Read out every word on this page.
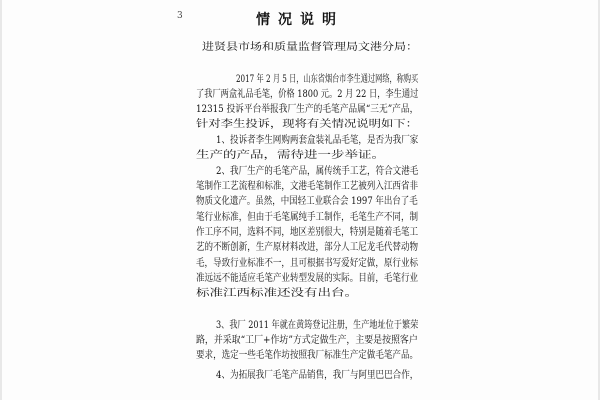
3	情况说明
进贤县市场和质量监督管理局文港分局：
2017 年 2 月 5 日，山东省烟台市李生通过网络，称购买
了我厂两盒礼品毛笔，价格 1800 元。2 月 22 日，李生通过
12315 投诉平台举报我厂生产的毛笔产品属“三无”产品，
针对李生投诉，现将有关情况说明如下：
1、投诉者李生网购两套盒装礼品毛笔，是否为我厂家
生产的产品，需待进一步举证。
2、我厂生产的毛笔产品，属传统手工艺，符合文港毛
笔制作工艺流程和标准，文港毛笔制作工艺被列入江西省非
物质文化遗产。虽然，中国轻工业联合会 1997 年出台了毛
笔行业标准，但由于毛笔属纯手工制作，毛笔生产不同，制
作工序不同，选料不同，地区差别很大，特别是随着毛笔工
艺的不断创新，生产原材料改进，部分人工尼龙毛代替动物
毛，导致行业标准不一，且可根据书写爱好定做，原行业标
准远远不能适应毛笔产业转型发展的实际。目前，毛笔行业
标准江西标准还没有出台。
3、我厂 2011 年就在黄筠登记注册，生产地址位于繁荣
路，并采取“工厂+作坊”方式定做生产，主要是按照客户
要求，选定一些毛笔作坊按照我厂标准生产定做毛笔产品。
4、为拓展我厂毛笔产品销售，我厂与阿里巴巴合作，
